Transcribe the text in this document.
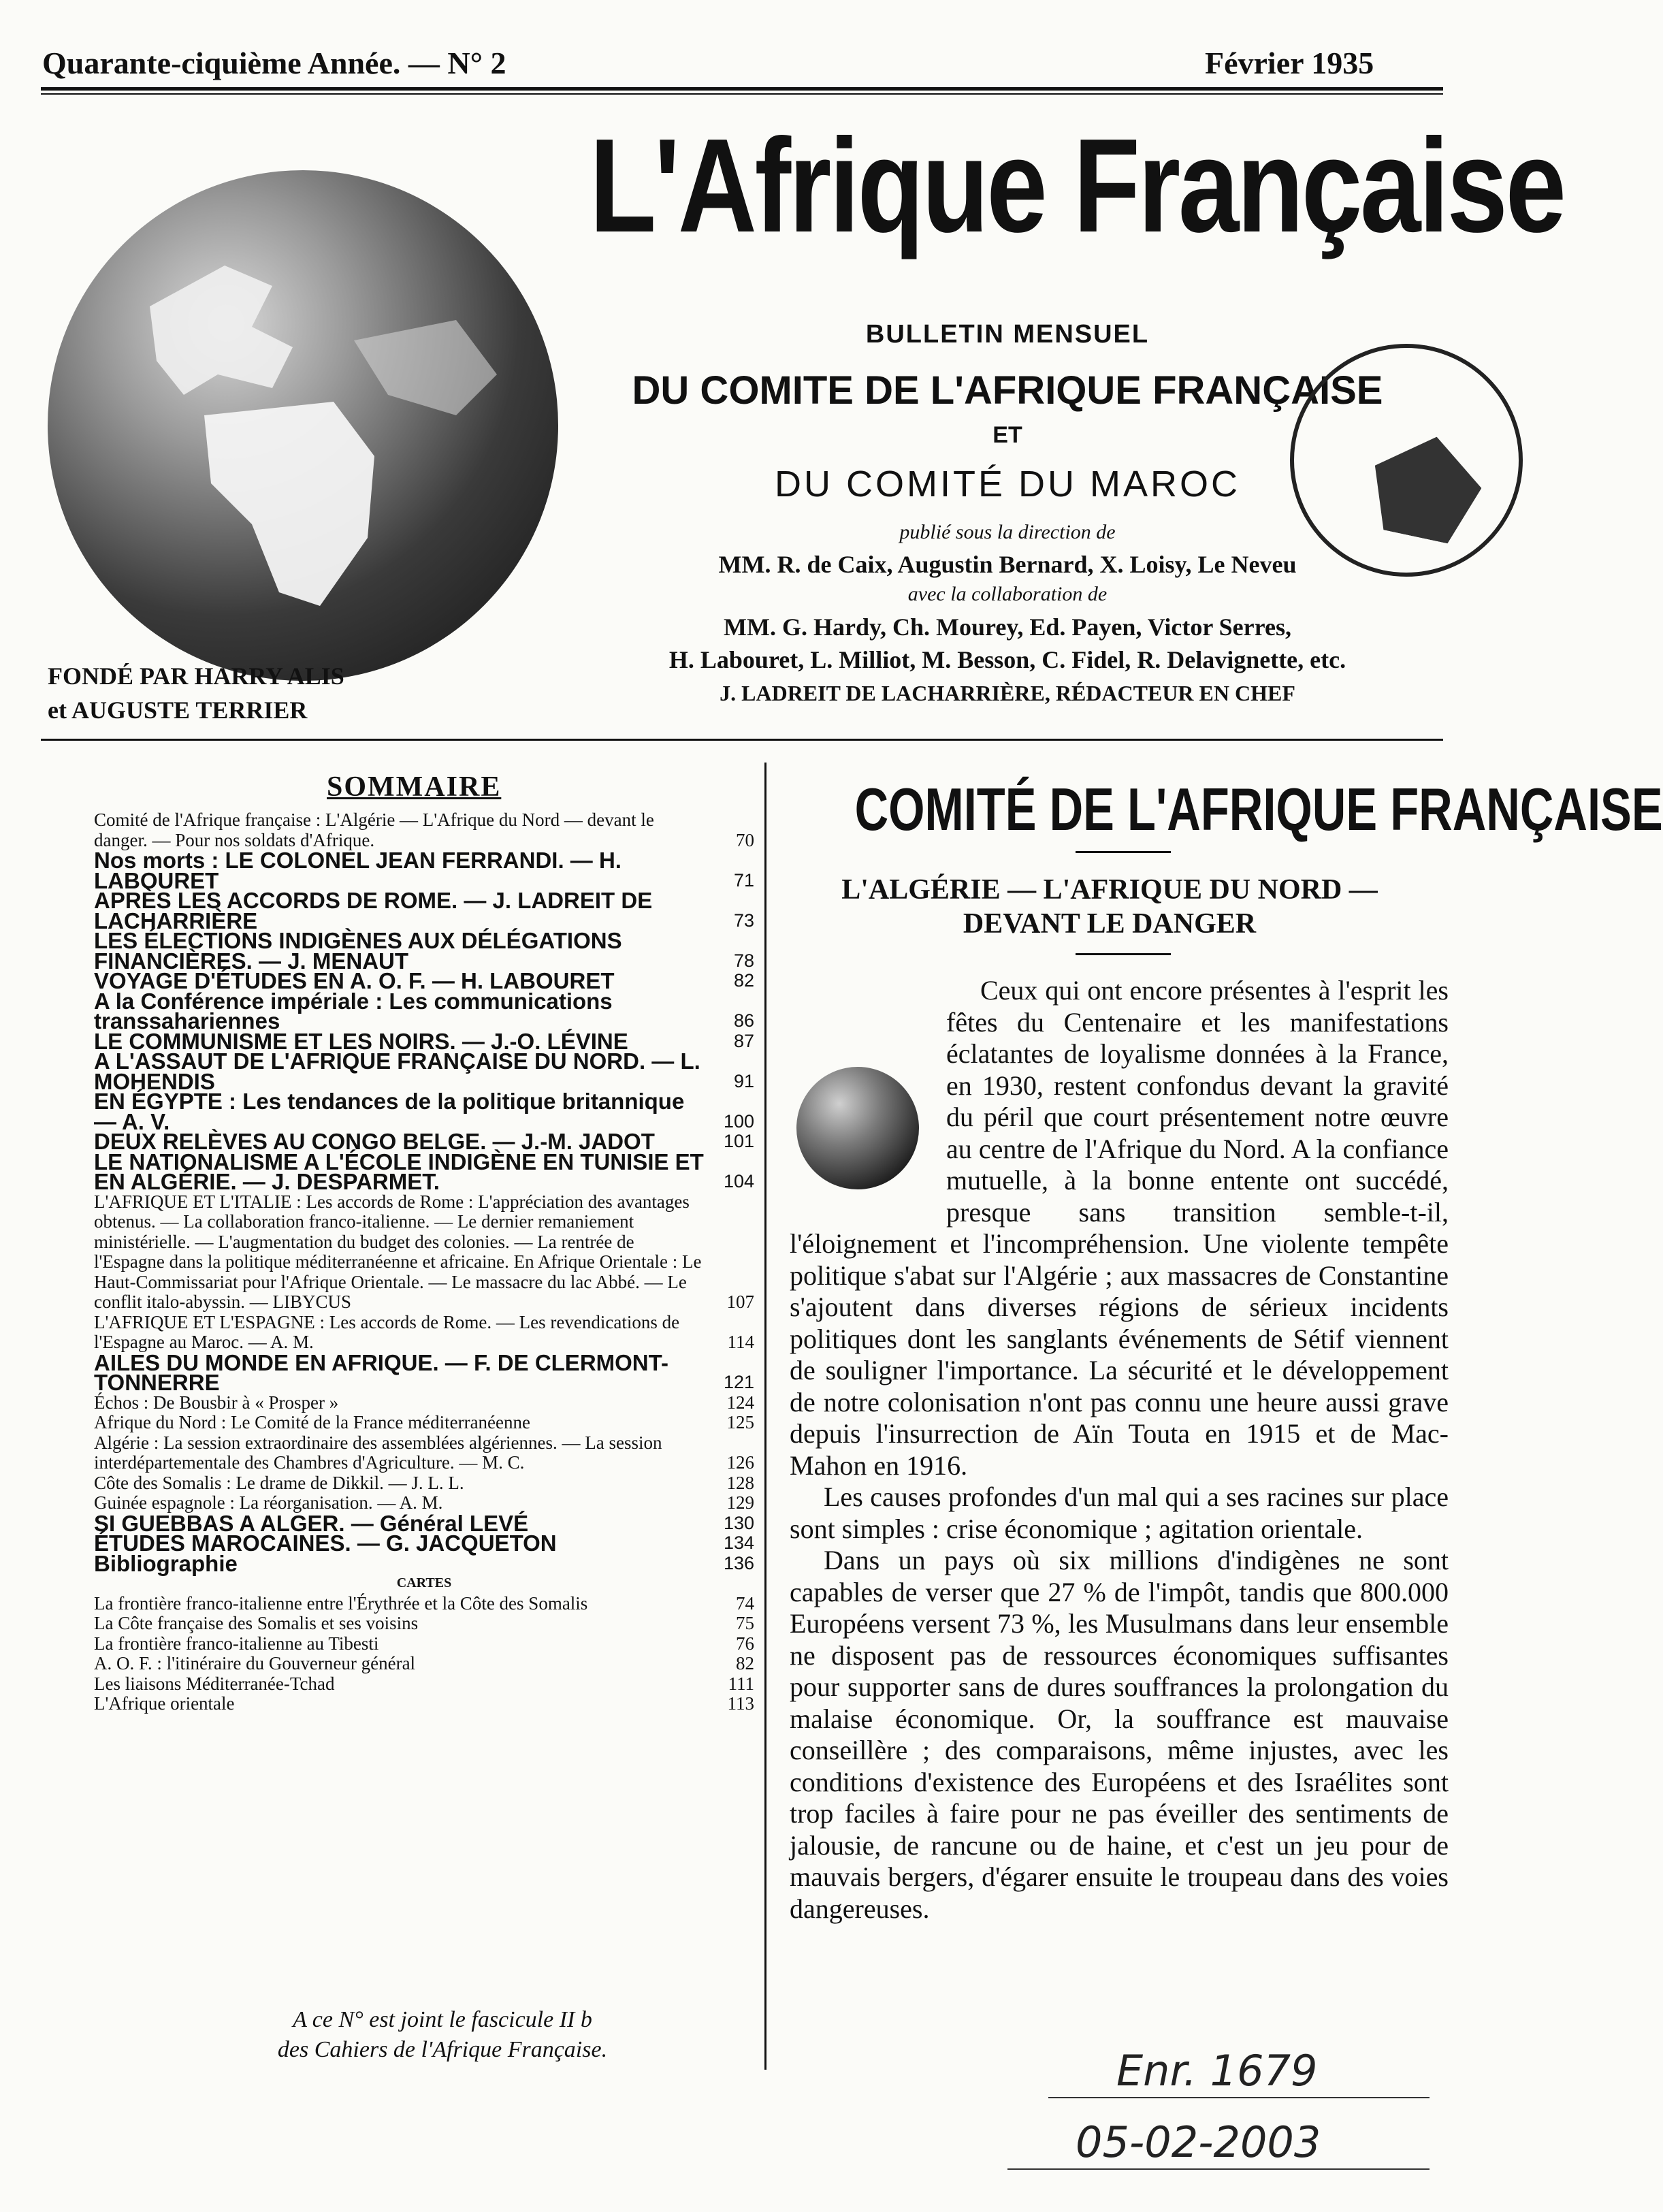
Quarante-ciquième Année. — N° 2	Février 1935
FONDÉ PAR HARRY ALIS
et AUGUSTE TERRIER
L'Afrique Française
BULLETIN MENSUEL
DU COMITE DE L'AFRIQUE FRANÇAISE
ET
DU COMITÉ DU MAROC
publié sous la direction de
MM. R. de Caix, Augustin Bernard, X. Loisy, Le Neveu
avec la collaboration de
MM. G. Hardy, Ch. Mourey, Ed. Payen, Victor Serres,
H. Labouret, L. Milliot, M. Besson, C. Fidel, R. Delavignette, etc.
J. LADREIT DE LACHARRIÈRE, RÉDACTEUR EN CHEF
SOMMAIRE
Comité de l'Afrique française : L'Algérie — L'Afrique du Nord — devant le danger. — Pour nos soldats d'Afrique.	70
Nos morts : LE COLONEL JEAN FERRANDI. — H. LABOURET	71
APRÈS LES ACCORDS DE ROME. — J. LADREIT DE LACHARRIÈRE	73
LES ÉLECTIONS INDIGÈNES AUX DÉLÉGATIONS FINANCIÈRES. — J. MENAUT	78
VOYAGE D'ÉTUDES EN A. O. F. — H. LABOURET	82
A la Conférence impériale : Les communications transsahariennes	86
LE COMMUNISME ET LES NOIRS. — J.-O. LÉVINE	87
A L'ASSAUT DE L'AFRIQUE FRANÇAISE DU NORD. — L. MOHENDIS	91
EN ÉGYPTE : Les tendances de la politique britannique — A. V.	100
DEUX RELÈVES AU CONGO BELGE. — J.-M. JADOT	101
LE NATIONALISME A L'ÉCOLE INDIGÈNE EN TUNISIE ET EN ALGÉRIE. — J. DESPARMET.	104
L'AFRIQUE ET L'ITALIE : Les accords de Rome : L'appréciation des avantages obtenus. — La collaboration franco-italienne. — Le dernier remaniement ministérielle. — L'augmentation du budget des colonies. — La rentrée de l'Espagne dans la politique méditerranéenne et africaine. En Afrique Orientale : Le Haut-Commissariat pour l'Afrique Orientale. — Le massacre du lac Abbé. — Le conflit italo-abyssin. — LIBYCUS	107
L'AFRIQUE ET L'ESPAGNE : Les accords de Rome. — Les revendications de l'Espagne au Maroc. — A. M.	114
AILES DU MONDE EN AFRIQUE. — F. DE CLERMONT-TONNERRE	121
Échos : De Bousbir à « Prosper »	124
Afrique du Nord : Le Comité de la France méditerranéenne	125
Algérie : La session extraordinaire des assemblées algériennes. — La session interdépartementale des Chambres d'Agriculture. — M. C.	126
Côte des Somalis : Le drame de Dikkil. — J. L. L.	128
Guinée espagnole : La réorganisation. — A. M.	129
SI GUEBBAS A ALGER. — Général LEVÉ	130
ÉTUDES MAROCAINES. — G. JACQUETON	134
Bibliographie	136
CARTES
La frontière franco-italienne entre l'Érythrée et la Côte des Somalis	74
La Côte française des Somalis et ses voisins	75
La frontière franco-italienne au Tibesti	76
A. O. F. : l'itinéraire du Gouverneur général	82
Les liaisons Méditerranée-Tchad	111
L'Afrique orientale	113
A ce N° est joint le fascicule II b
des Cahiers de l'Afrique Française.
COMITÉ DE L'AFRIQUE FRANÇAISE
L'ALGÉRIE — L'AFRIQUE DU NORD —
DEVANT LE DANGER

Ceux qui ont encore présentes à l'esprit les fêtes du Centenaire et les manifestations éclatantes de loyalisme données à la France, en 1930, restent confondus devant la gravité du péril que court présentement notre œuvre au centre de l'Afrique du Nord. A la confiance mutuelle, à la bonne entente ont succédé, presque sans transition semble-t-il, l'éloignement et l'incompréhension. Une violente tempête politique s'abat sur l'Algérie ; aux massacres de Constantine s'ajoutent dans diverses régions de sérieux incidents politiques dont les sanglants événements de Sétif viennent de souligner l'importance. La sécurité et le développement de notre colonisation n'ont pas connu une heure aussi grave depuis l'insurrection de Aïn Touta en 1915 et de Mac-Mahon en 1916.

Les causes profondes d'un mal qui a ses racines sur place sont simples : crise économique ; agitation orientale.

Dans un pays où six millions d'indigènes ne sont capables de verser que 27 % de l'impôt, tandis que 800.000 Européens versent 73 %, les Musulmans dans leur ensemble ne disposent pas de ressources économiques suffisantes pour supporter sans de dures souffrances la prolongation du malaise économique. Or, la souffrance est mauvaise conseillère ; des comparaisons, même injustes, avec les conditions d'existence des Européens et des Israélites sont trop faciles à faire pour ne pas éveiller des sentiments de jalousie, de rancune ou de haine, et c'est un jeu pour de mauvais bergers, d'égarer ensuite le troupeau dans des voies dangereuses.

Enr. 1679
05-02-2003
